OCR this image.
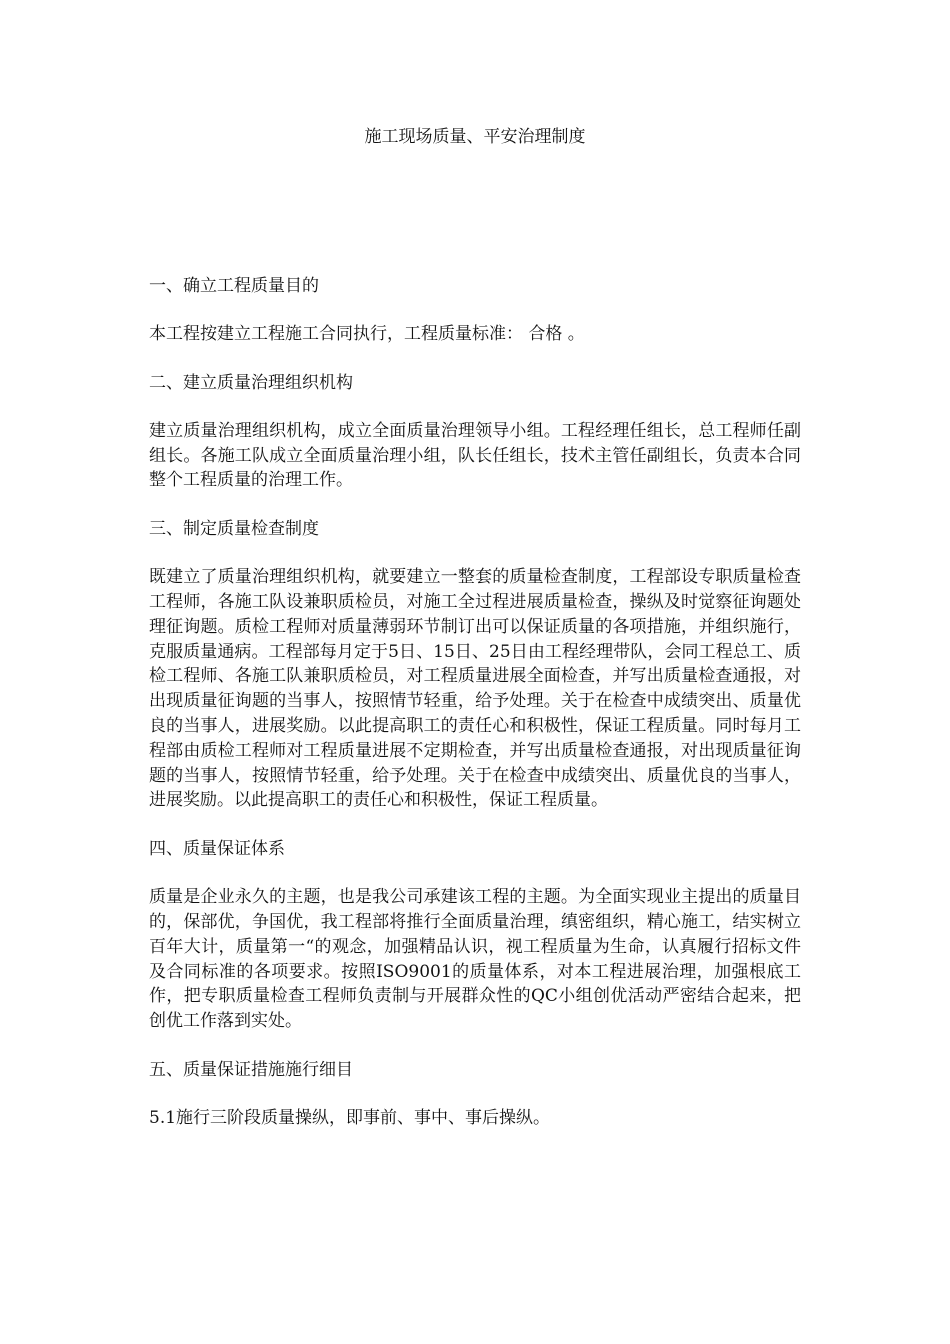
施工现场质量、平安治理制度

一、确立工程质量目的

本工程按建立工程施工合同执行，工程质量标准： 合格 。

二、建立质量治理组织机构

建立质量治理组织机构，成立全面质量治理领导小组。工程经理任组长，总工程师任副组长。各施工队成立全面质量治理小组，队长任组长，技术主管任副组长，负责本合同整个工程质量的治理工作。

三、制定质量检查制度

既建立了质量治理组织机构，就要建立一整套的质量检查制度，工程部设专职质量检查工程师，各施工队设兼职质检员，对施工全过程进展质量检查，操纵及时觉察征询题处理征询题。质检工程师对质量薄弱环节制订出可以保证质量的各项措施，并组织施行，克服质量通病。工程部每月定于5日、15日、25日由工程经理带队，会同工程总工、质检工程师、各施工队兼职质检员，对工程质量进展全面检查，并写出质量检查通报，对出现质量征询题的当事人，按照情节轻重，给予处理。关于在检查中成绩突出、质量优良的当事人，进展奖励。以此提高职工的责任心和积极性，保证工程质量。同时每月工程部由质检工程师对工程质量进展不定期检查，并写出质量检查通报，对出现质量征询题的当事人，按照情节轻重，给予处理。关于在检查中成绩突出、质量优良的当事人，进展奖励。以此提高职工的责任心和积极性，保证工程质量。

四、质量保证体系

质量是企业永久的主题，也是我公司承建该工程的主题。为全面实现业主提出的质量目的，保部优，争国优，我工程部将推行全面质量治理，缜密组织，精心施工，结实树立百年大计，质量第一“的观念，加强精品认识，视工程质量为生命，认真履行招标文件及合同标准的各项要求。按照ISO9001的质量体系，对本工程进展治理，加强根底工作，把专职质量检查工程师负责制与开展群众性的QC小组创优活动严密结合起来，把创优工作落到实处。

五、质量保证措施施行细目

5.1施行三阶段质量操纵，即事前、事中、事后操纵。
